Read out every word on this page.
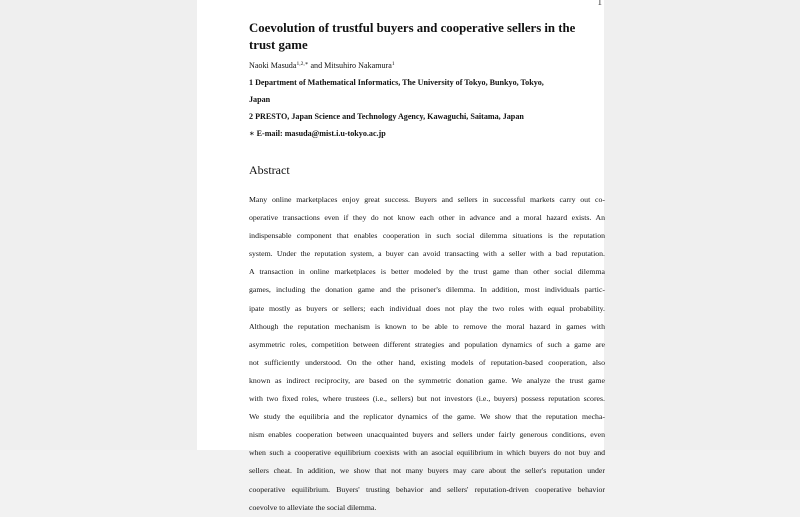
1
Coevolution of trustful buyers and cooperative sellers in the
trust game
Naoki Masuda$^{1,2,∗}$ and Mitsuhiro Nakamura$^1$
1 Department of Mathematical Informatics, The University of Tokyo, Bunkyo, Tokyo,
Japan
2 PRESTO, Japan Science and Technology Agency, Kawaguchi, Saitama, Japan
∗ E-mail: masuda@mist.i.u-tokyo.ac.jp
Abstract
Many online marketplaces enjoy great success. Buyers and sellers in successful markets carry out co-
operative transactions even if they do not know each other in advance and a moral hazard exists. An
indispensable component that enables cooperation in such social dilemma situations is the reputation
system. Under the reputation system, a buyer can avoid transacting with a seller with a bad reputation.
A transaction in online marketplaces is better modeled by the trust game than other social dilemma
games, including the donation game and the prisoner's dilemma. In addition, most individuals partic-
ipate mostly as buyers or sellers; each individual does not play the two roles with equal probability.
Although the reputation mechanism is known to be able to remove the moral hazard in games with
asymmetric roles, competition between different strategies and population dynamics of such a game are
not sufficiently understood. On the other hand, existing models of reputation-based cooperation, also
known as indirect reciprocity, are based on the symmetric donation game. We analyze the trust game
with two fixed roles, where trustees (i.e., sellers) but not investors (i.e., buyers) possess reputation scores.
We study the equilibria and the replicator dynamics of the game. We show that the reputation mecha-
nism enables cooperation between unacquainted buyers and sellers under fairly generous conditions, even
when such a cooperative equilibrium coexists with an asocial equilibrium in which buyers do not buy and
sellers cheat. In addition, we show that not many buyers may care about the seller's reputation under
cooperative equilibrium. Buyers' trusting behavior and sellers' reputation-driven cooperative behavior
coevolve to alleviate the social dilemma.
